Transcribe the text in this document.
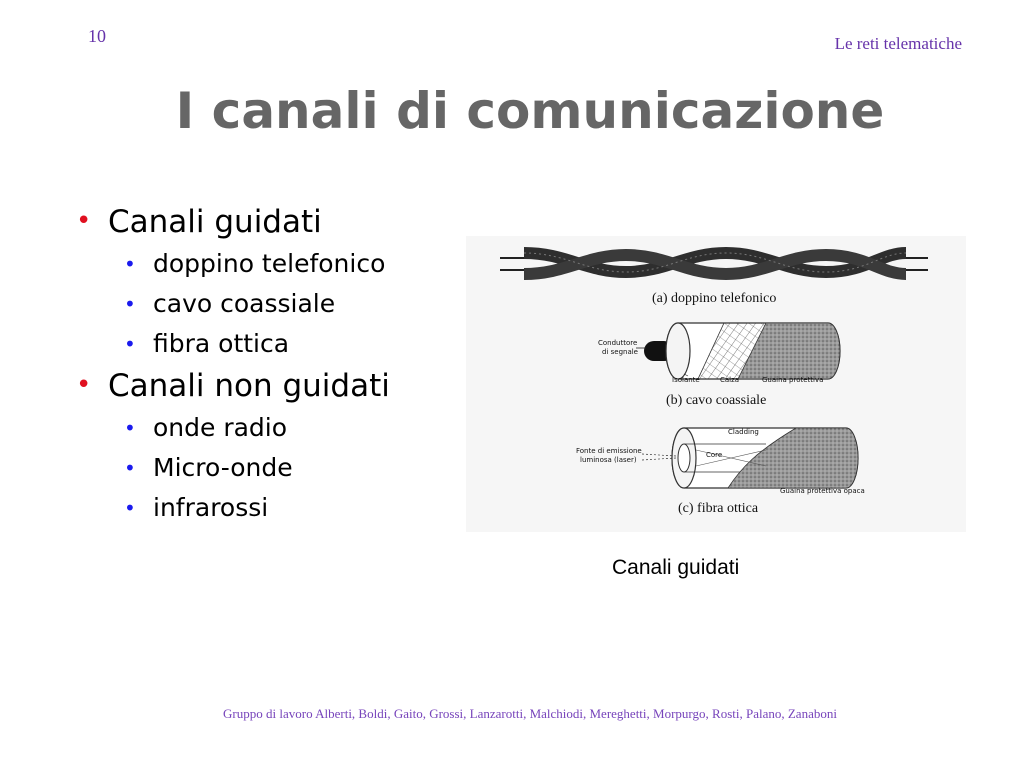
10	Le reti telematiche
I canali di comunicazione
• Canali guidati
• doppino telefonico
• cavo coassiale
• fibra ottica
• Canali non guidati
• onde radio
• Micro-onde
• infrarossi
(a) doppino telefonico
Conduttore di segnale
Isolante	Calza	Guaina protettiva
(b) cavo coassiale
Fonte di emissione luminosa (laser)
Cladding
Core
Guaina protettiva opaca
(c) fibra ottica
Canali guidati
Gruppo di lavoro Alberti, Boldi, Gaito, Grossi, Lanzarotti, Malchiodi, Mereghetti, Morpurgo, Rosti, Palano, Zanaboni
